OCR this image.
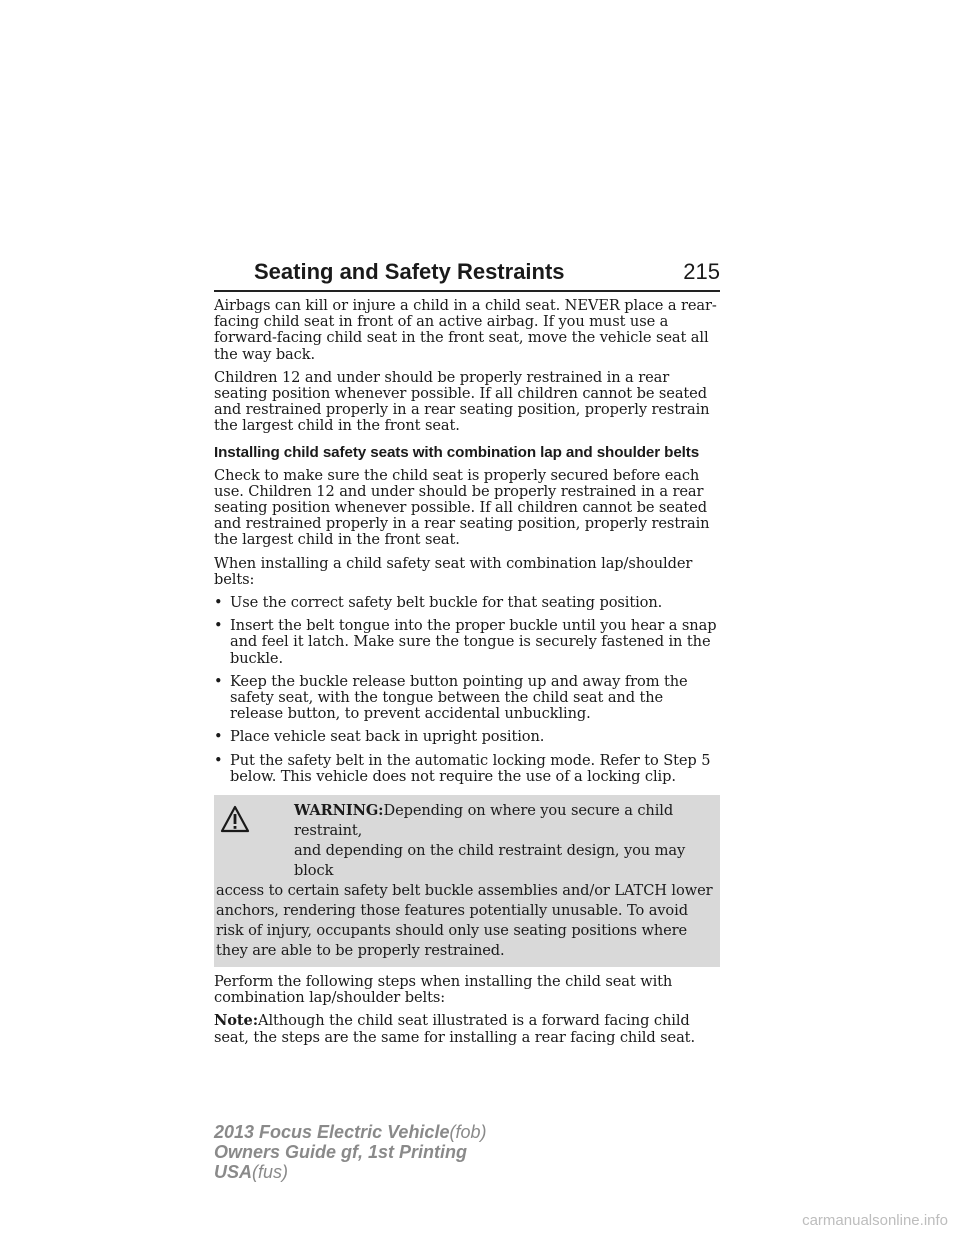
Seating and Safety Restraints	215

Airbags can kill or injure a child in a child seat. NEVER place a rear-facing child seat in front of an active airbag. If you must use a forward-facing child seat in the front seat, move the vehicle seat all the way back.

Children 12 and under should be properly restrained in a rear seating position whenever possible. If all children cannot be seated and restrained properly in a rear seating position, properly restrain the largest child in the front seat.

Installing child safety seats with combination lap and shoulder belts

Check to make sure the child seat is properly secured before each use. Children 12 and under should be properly restrained in a rear seating position whenever possible. If all children cannot be seated and restrained properly in a rear seating position, properly restrain the largest child in the front seat.

When installing a child safety seat with combination lap/shoulder belts:

• Use the correct safety belt buckle for that seating position.
• Insert the belt tongue into the proper buckle until you hear a snap and feel it latch. Make sure the tongue is securely fastened in the buckle.
• Keep the buckle release button pointing up and away from the safety seat, with the tongue between the child seat and the release button, to prevent accidental unbuckling.
• Place vehicle seat back in upright position.
• Put the safety belt in the automatic locking mode. Refer to Step 5 below. This vehicle does not require the use of a locking clip.
WARNING:Depending on where you secure a child restraint,
and depending on the child restraint design, you may block
access to certain safety belt buckle assemblies and/or LATCH lower anchors, rendering those features potentially unusable. To avoid risk of injury, occupants should only use seating positions where they are able to be properly restrained.

Perform the following steps when installing the child seat with combination lap/shoulder belts:

Note:Although the child seat illustrated is a forward facing child seat, the steps are the same for installing a rear facing child seat.

2013 Focus Electric Vehicle(fob)
Owners Guide gf, 1st Printing
USA(fus)
carmanualsonline.info
